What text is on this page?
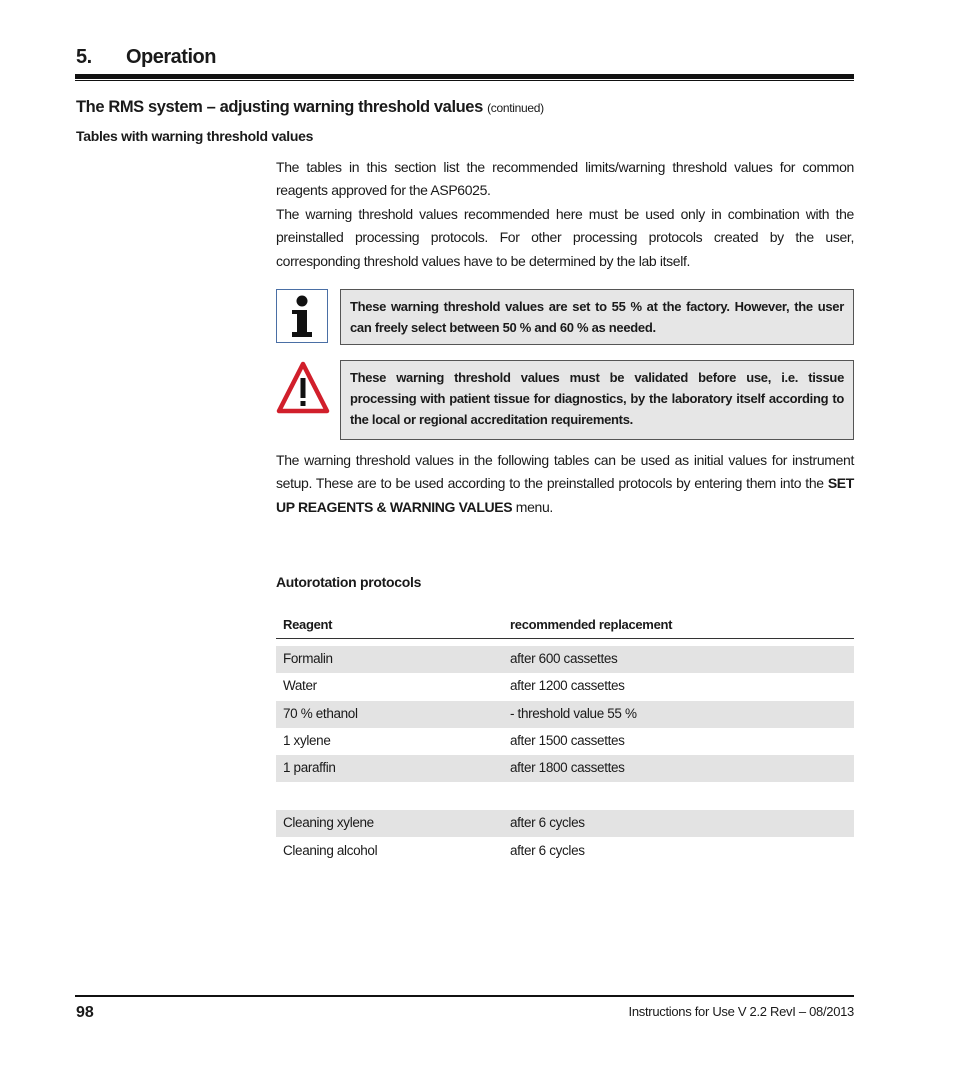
5. Operation
The RMS system – adjusting warning threshold values (continued)
Tables with warning threshold values

The tables in this section list the recommended limits/warning threshold values for common reagents approved for the ASP6025.

The warning threshold values recommended here must be used only in combination with the preinstalled processing protocols. For other processing protocols created by the user, corresponding threshold values have to be determined by the lab itself.

These warning threshold values are set to 55 % at the factory. However, the user can freely select between 50 % and 60 % as needed.
These warning threshold values must be validated before use, i.e. tissue processing with patient tissue for diagnostics, by the laboratory itself according to the local or regional accreditation requirements.
The warning threshold values in the following tables can be used as initial values for instrument setup. These are to be used according to the preinstalled protocols by entering them into the SET UP REAGENTS & WARNING VALUES menu.
Autorotation protocols
Reagent	recommended replacement
Formalin	after 600 cassettes
Water	after 1200 cassettes
70 % ethanol	- threshold value 55 %
1 xylene	after 1500 cassettes
1 paraffin	after 1800 cassettes
Cleaning xylene	after 6 cycles
Cleaning alcohol	after 6 cycles
98	Instructions for Use V 2.2 RevI – 08/2013
